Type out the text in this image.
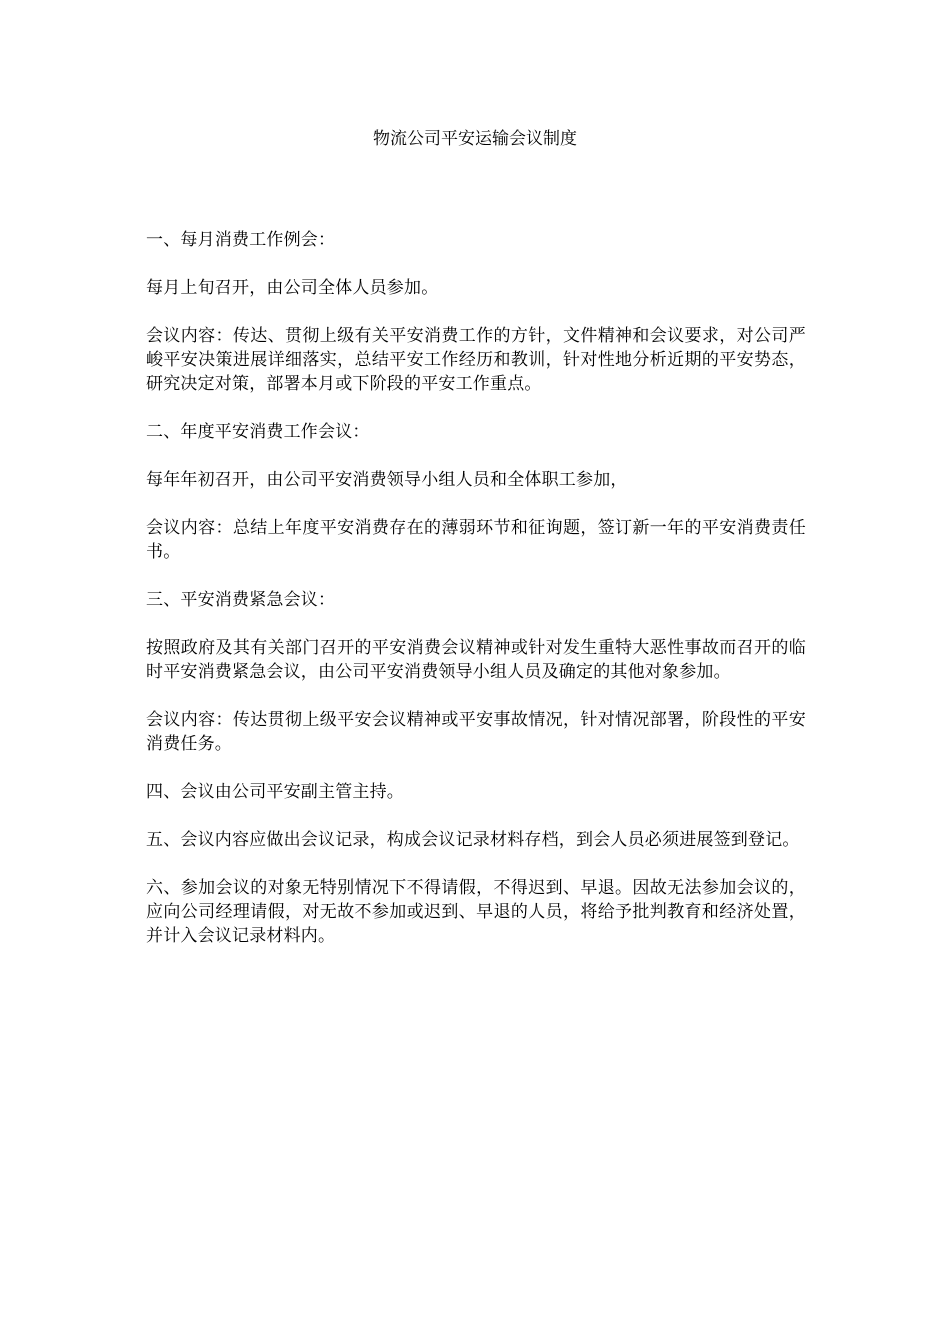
物流公司平安运输会议制度

一、每月消费工作例会：

每月上旬召开，由公司全体人员参加。

会议内容：传达、贯彻上级有关平安消费工作的方针，文件精神和会议要求，对公司严峻平安决策进展详细落实，总结平安工作经历和教训，针对性地分析近期的平安势态，研究决定对策，部署本月或下阶段的平安工作重点。

二、年度平安消费工作会议：

每年年初召开，由公司平安消费领导小组人员和全体职工参加，

会议内容：总结上年度平安消费存在的薄弱环节和征询题，签订新一年的平安消费责任书。

三、平安消费紧急会议：

按照政府及其有关部门召开的平安消费会议精神或针对发生重特大恶性事故而召开的临时平安消费紧急会议，由公司平安消费领导小组人员及确定的其他对象参加。

会议内容：传达贯彻上级平安会议精神或平安事故情况，针对情况部署，阶段性的平安消费任务。

四、会议由公司平安副主管主持。

五、会议内容应做出会议记录，构成会议记录材料存档，到会人员必须进展签到登记。

六、参加会议的对象无特别情况下不得请假，不得迟到、早退。因故无法参加会议的，应向公司经理请假，对无故不参加或迟到、早退的人员，将给予批判教育和经济处置，并计入会议记录材料内。
